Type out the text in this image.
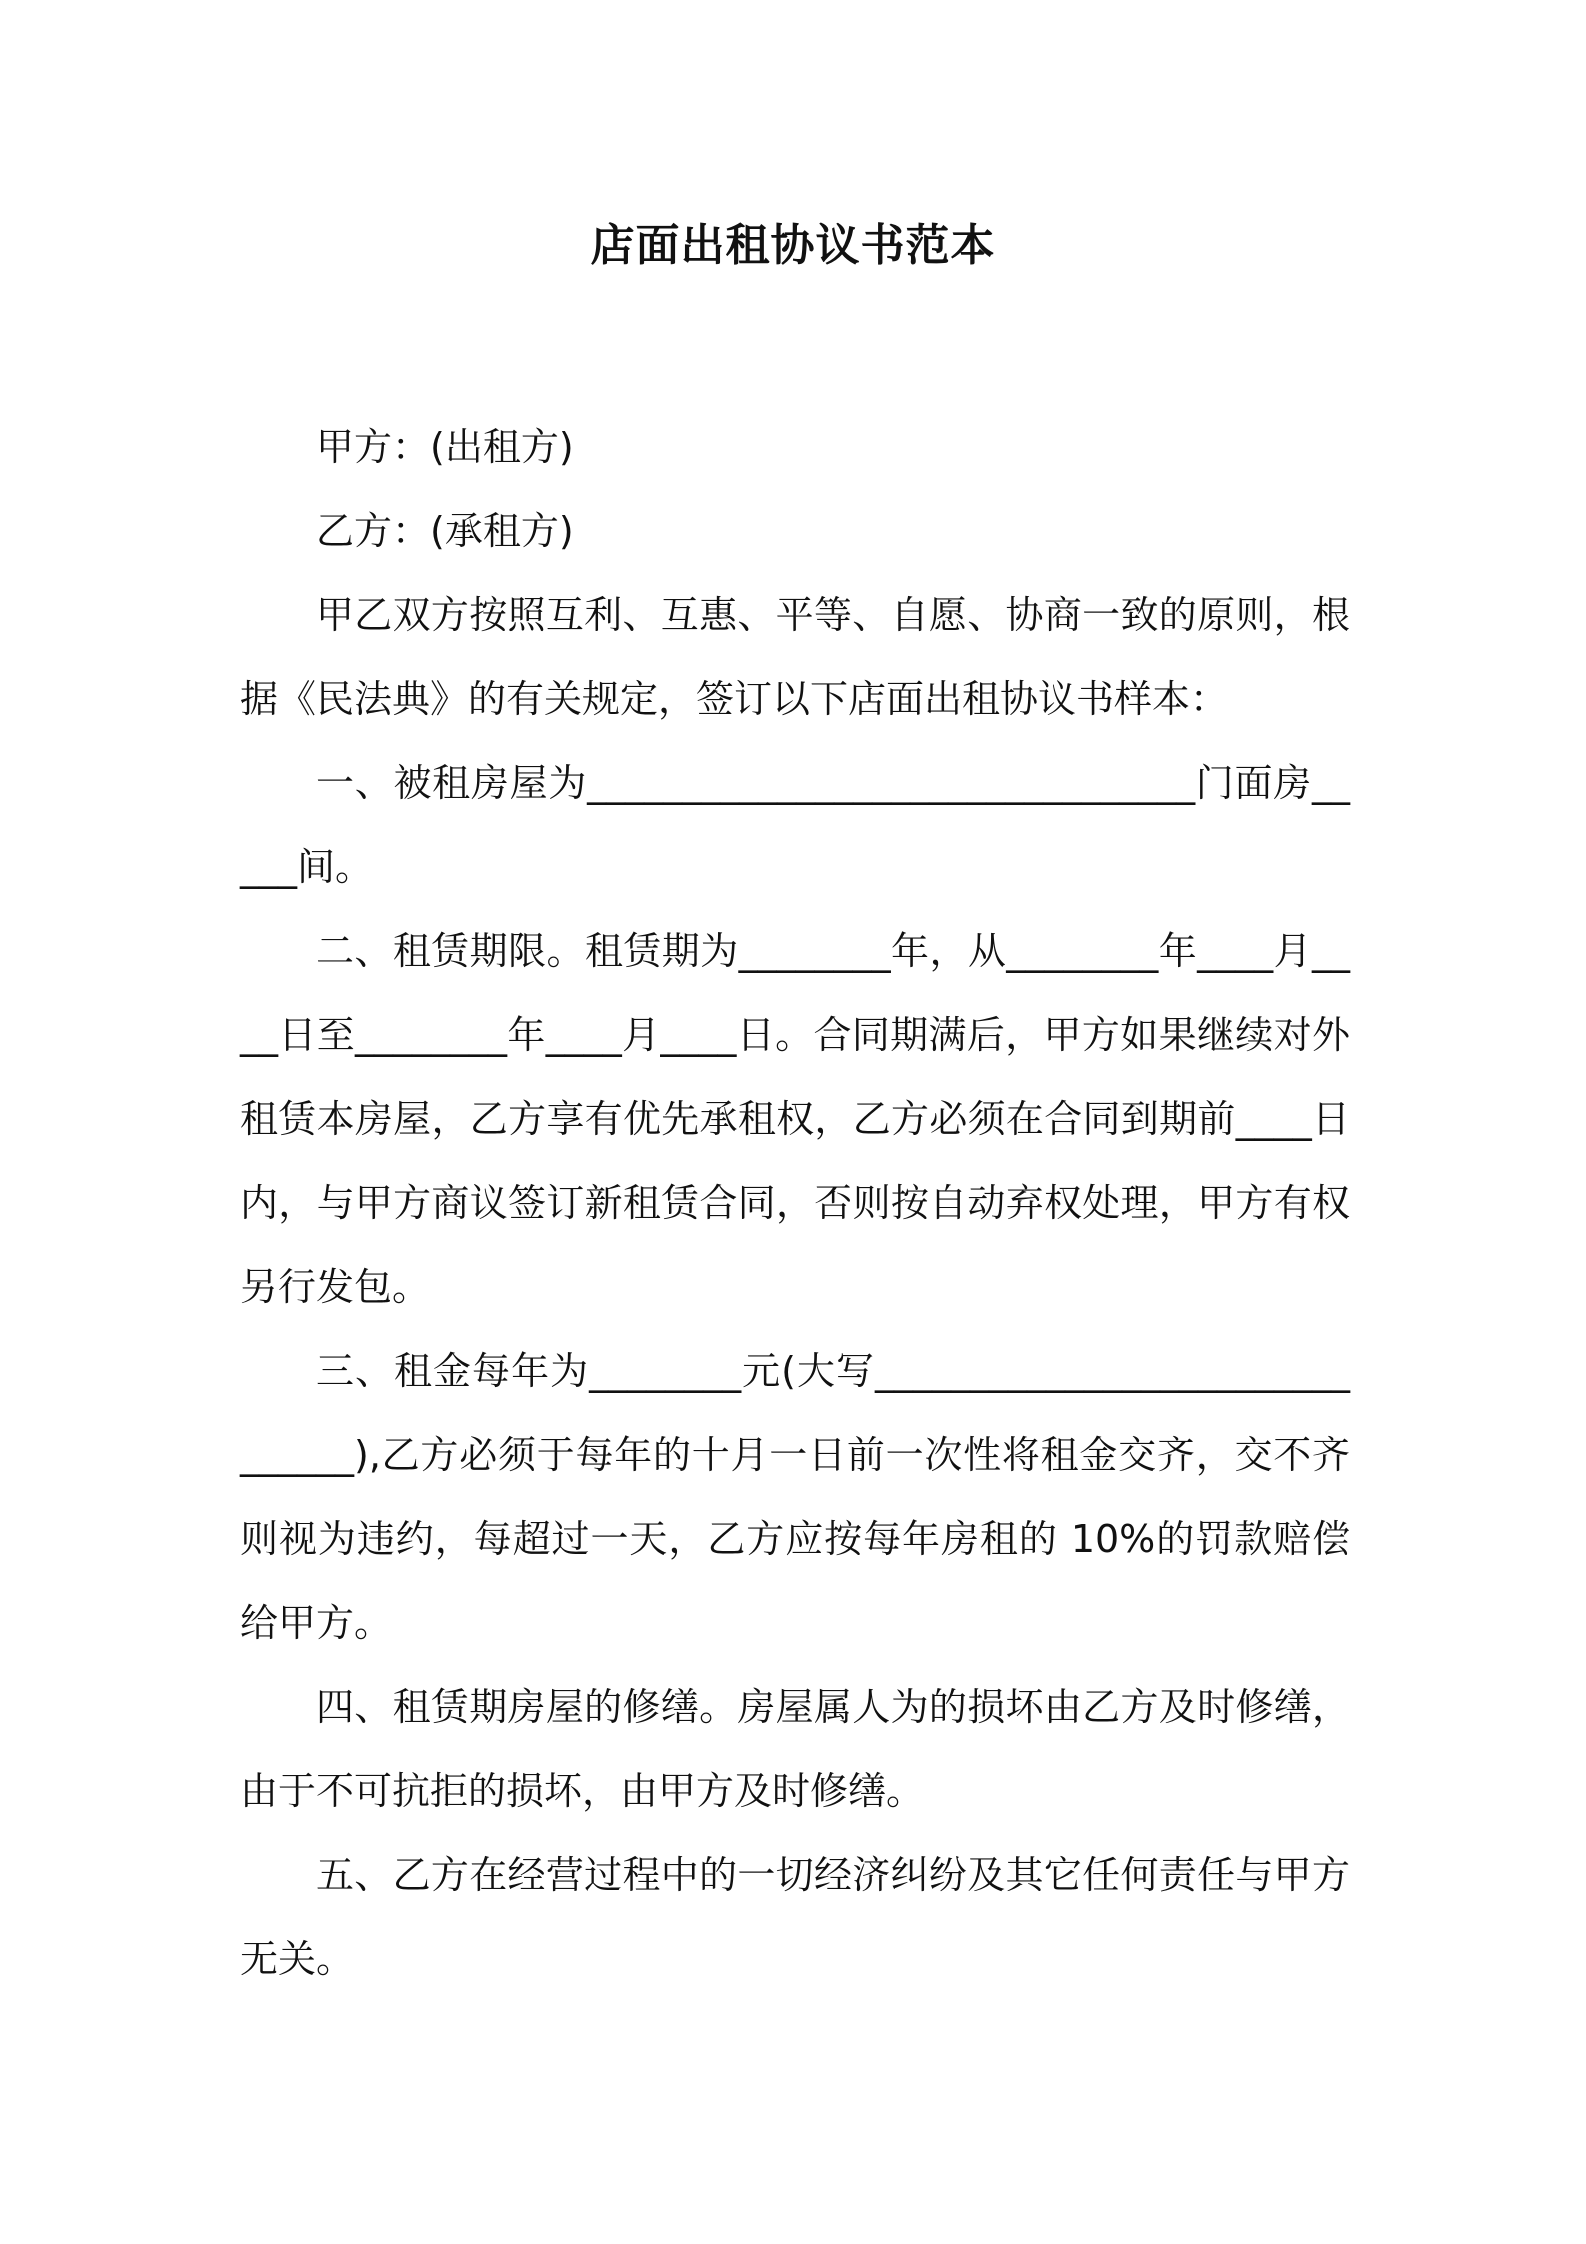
店面出租协议书范本

甲方：(出租方)

乙方：(承租方)

甲乙双方按照互利、互惠、平等、自愿、协商一致的原则，根据《民法典》的有关规定，签订以下店面出租协议书样本：

一、被租房屋为________________________________门面房_____间。

二、租赁期限。租赁期为________年，从________年____月____日至________年____月____日。合同期满后，甲方如果继续对外租赁本房屋，乙方享有优先承租权，乙方必须在合同到期前____日内，与甲方商议签订新租赁合同，否则按自动弃权处理，甲方有权另行发包。

三、租金每年为________元(大写_______________________________),乙方必须于每年的十月一日前一次性将租金交齐，交不齐则视为违约，每超过一天，乙方应按每年房租的 10%的罚款赔偿给甲方。

四、租赁期房屋的修缮。房屋属人为的损坏由乙方及时修缮，由于不可抗拒的损坏，由甲方及时修缮。

五、乙方在经营过程中的一切经济纠纷及其它任何责任与甲方无关。
